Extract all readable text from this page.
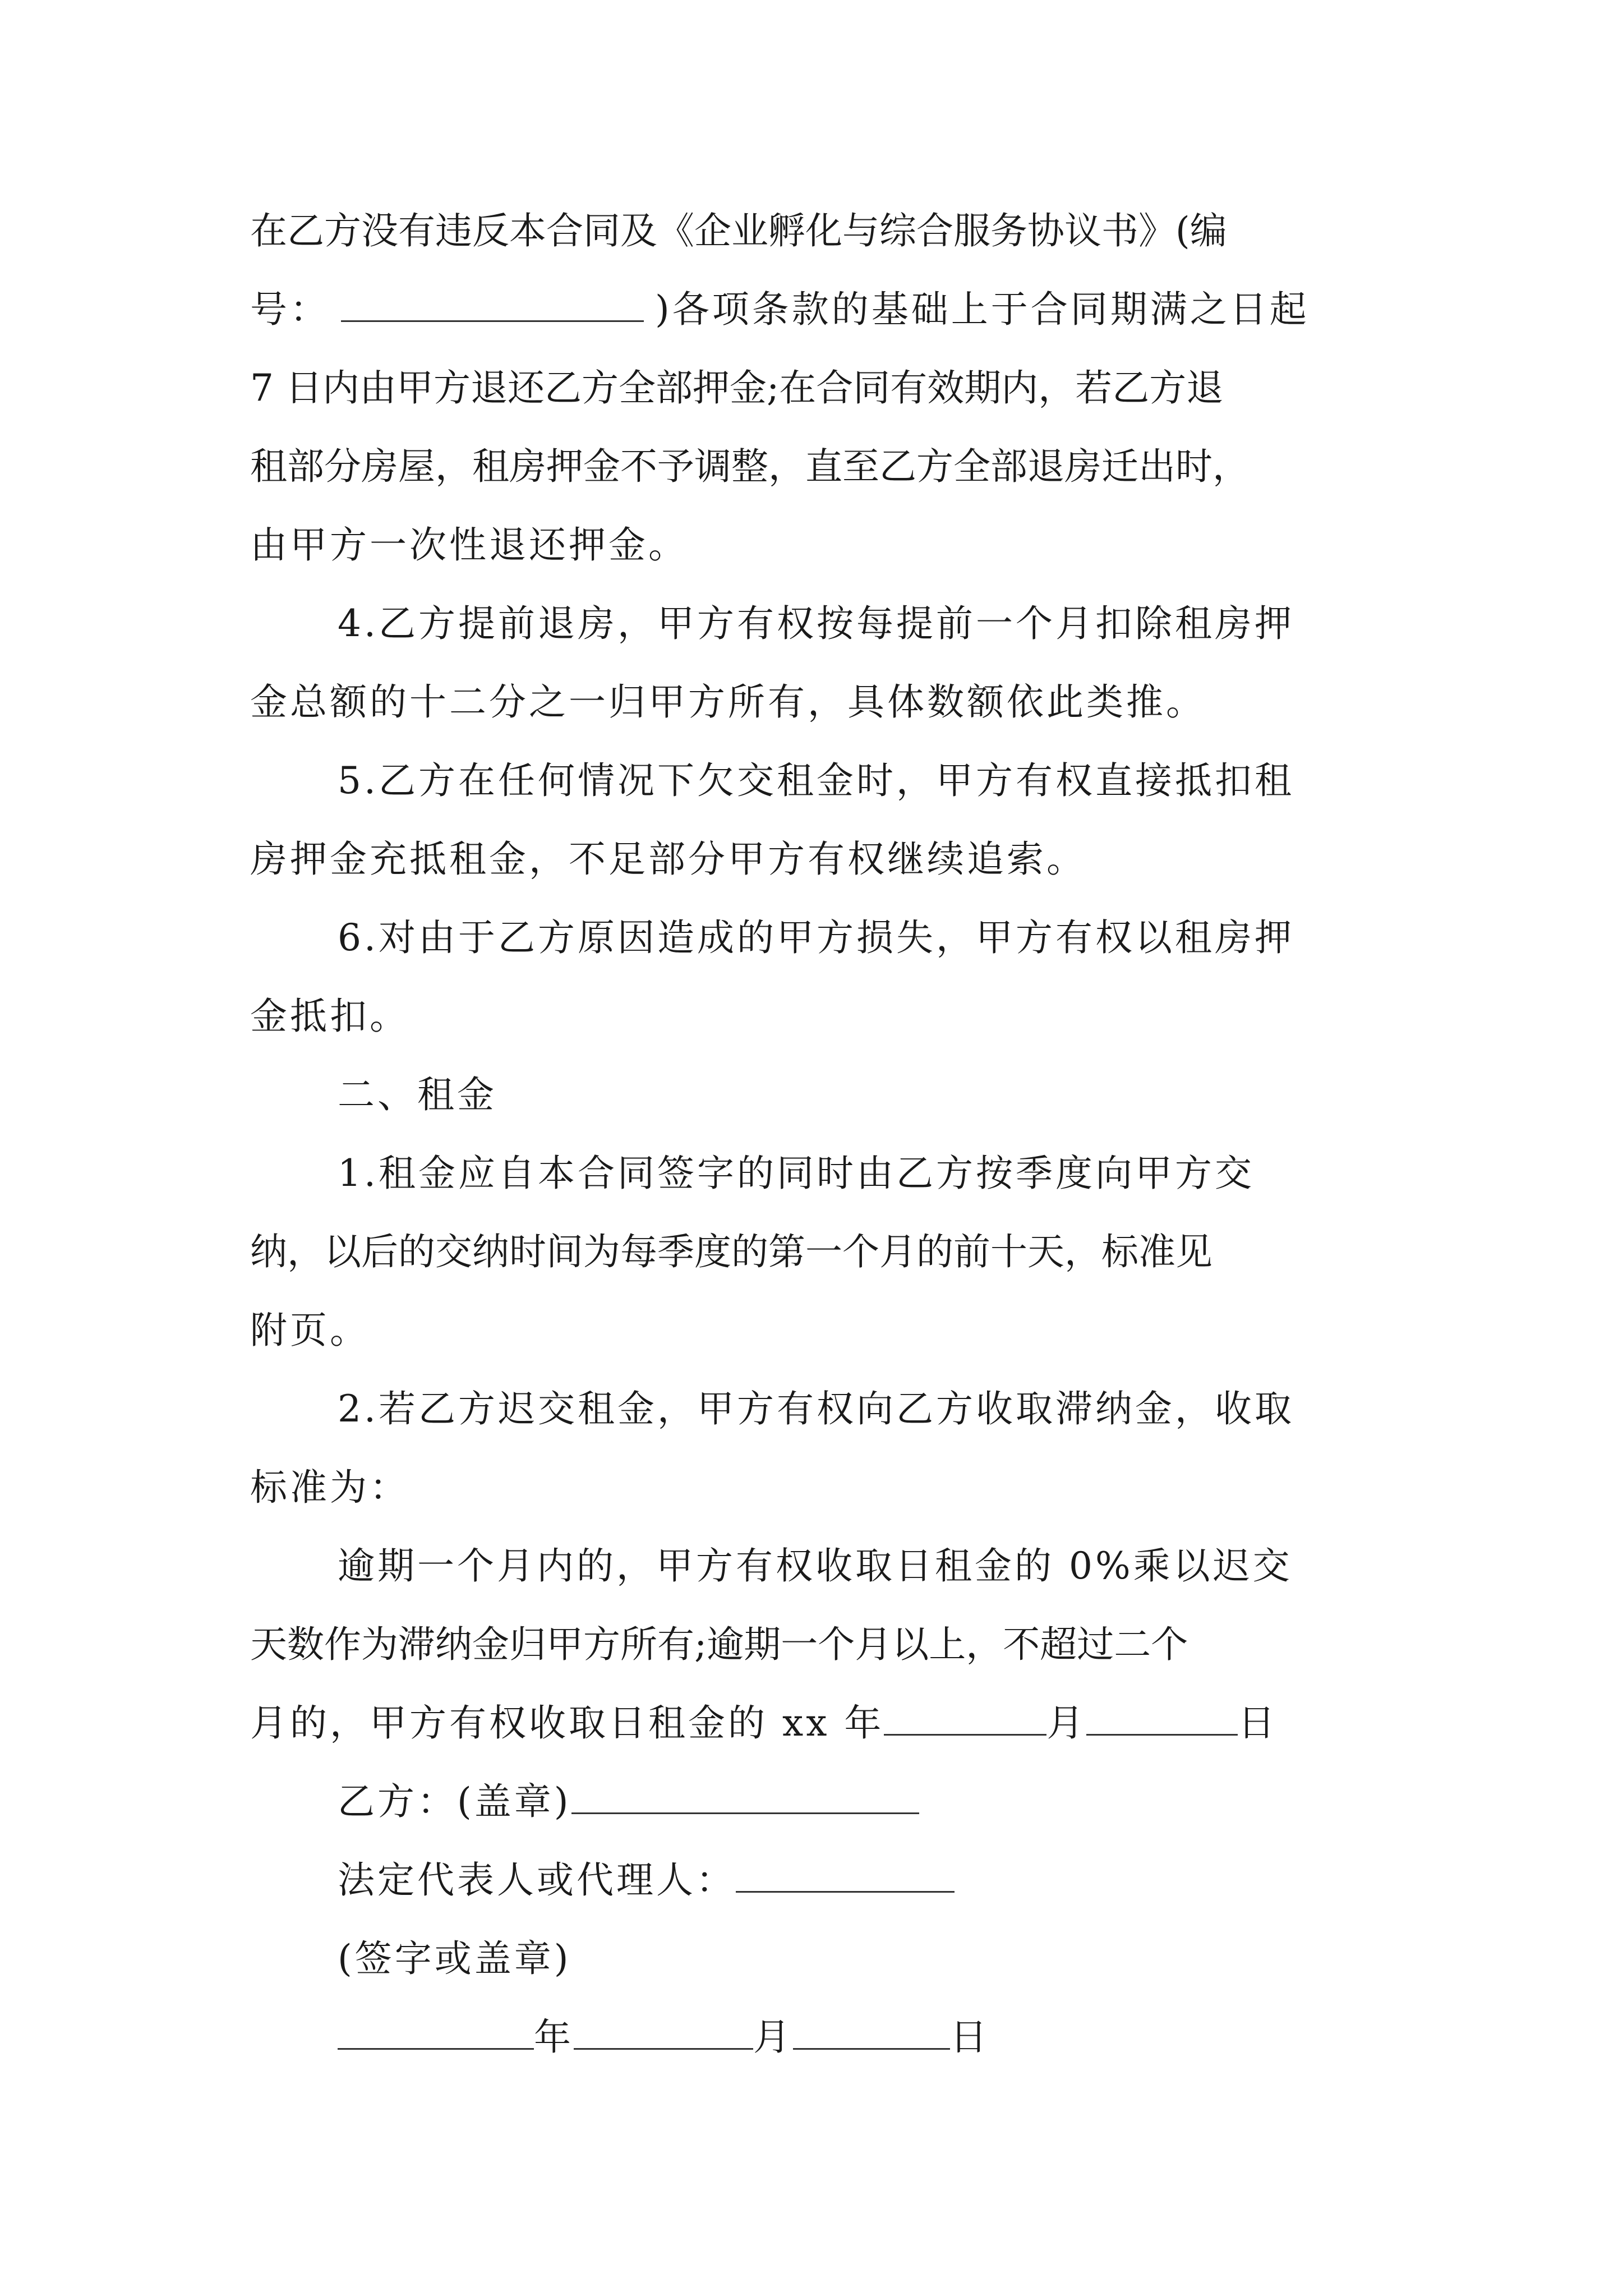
在乙方没有违反本合同及《企业孵化与综合服务协议书》(编
号：	)各项条款的基础上于合同期满之日起
7 日内由甲方退还乙方全部押金;在合同有效期内，若乙方退
租部分房屋，租房押金不予调整，直至乙方全部退房迁出时，
由甲方一次性退还押金。
4.乙方提前退房，甲方有权按每提前一个月扣除租房押
金总额的十二分之一归甲方所有，具体数额依此类推。
5.乙方在任何情况下欠交租金时，甲方有权直接抵扣租
房押金充抵租金，不足部分甲方有权继续追索。
6.对由于乙方原因造成的甲方损失，甲方有权以租房押
金抵扣。
二、租金
1.租金应自本合同签字的同时由乙方按季度向甲方交
纳，以后的交纳时间为每季度的第一个月的前十天，标准见
附页。
2.若乙方迟交租金，甲方有权向乙方收取滞纳金，收取
标准为：
逾期一个月内的，甲方有权收取日租金的 0%乘以迟交
天数作为滞纳金归甲方所有;逾期一个月以上，不超过二个
月的，甲方有权收取日租金的 xx 年	月	日
乙方：(盖章)
法定代表人或代理人：
(签字或盖章)
年	月	日
